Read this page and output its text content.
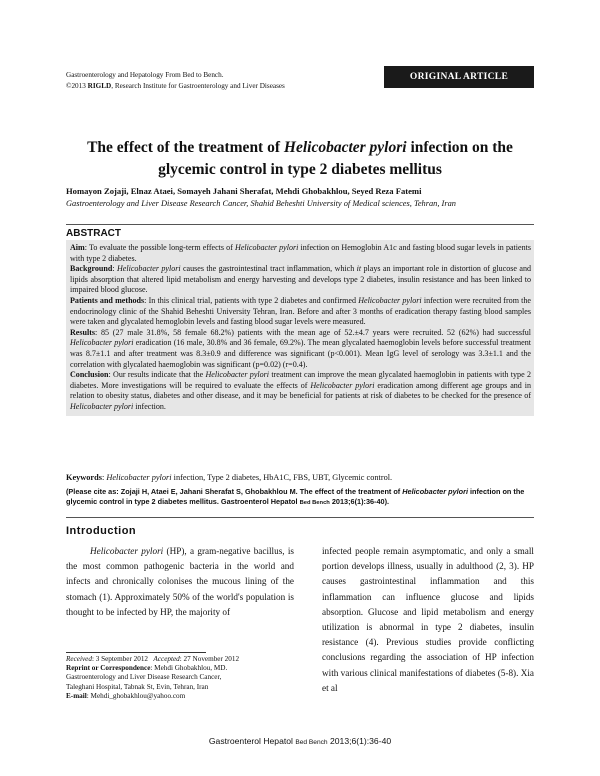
Gastroenterology and Hepatology From Bed to Bench.
©2013 RIGLD, Research Institute for Gastroenterology and Liver Diseases
ORIGINAL ARTICLE
The effect of the treatment of Helicobacter pylori infection on the glycemic control in type 2 diabetes mellitus
Homayon Zojaji, Elnaz Ataei, Somayeh Jahani Sherafat, Mehdi Ghobakhlou, Seyed Reza Fatemi
Gastroenterology and Liver Disease Research Cancer, Shahid Beheshti University of Medical sciences, Tehran, Iran
ABSTRACT

Aim: To evaluate the possible long-term effects of Helicobacter pylori infection on Hemoglobin A1c and fasting blood sugar levels in patients with type 2 diabetes.

Background: Helicobacter pylori causes the gastrointestinal tract inflammation, which it plays an important role in distortion of glucose and lipids absorption that altered lipid metabolism and energy harvesting and develops type 2 diabetes, insulin resistance and has been linked to impaired blood glucose.

Patients and methods: In this clinical trial, patients with type 2 diabetes and confirmed Helicobacter pylori infection were recruited from the endocrinology clinic of the Shahid Beheshti University Tehran, Iran. Before and after 3 months of eradication therapy fasting blood samples were taken and glycalated hemoglobin levels and fasting blood sugar levels were measured.

Results: 85 (27 male 31.8%, 58 female 68.2%) patients with the mean age of 52.±4.7 years were recruited. 52 (62%) had successful Helicobacter pylori eradication (16 male, 30.8% and 36 female, 69.2%). The mean glycalated haemoglobin levels before successful treatment was 8.7±1.1 and after treatment was 8.3±0.9 and difference was significant (p<0.001). Mean IgG level of serology was 3.3±1.1 and the correlation with glycalated haemoglobin was significant (p=0.02) (r=0.4).

Conclusion: Our results indicate that the Helicobacter pylori treatment can improve the mean glycalated haemoglobin in patients with type 2 diabetes. More investigations will be required to evaluate the effects of Helicobacter pylori eradication among different age groups and in relation to obesity status, diabetes and other disease, and it may be beneficial for patients at risk of diabetes to be checked for the presence of Helicobacter pylori infection.

Keywords: Helicobacter pylori infection, Type 2 diabetes, HbA1C, FBS, UBT, Glycemic control.
(Please cite as: Zojaji H, Ataei E, Jahani Sherafat S, Ghobakhlou M. The effect of the treatment of Helicobacter pylori infection on the glycemic control in type 2 diabetes mellitus. Gastroenterol Hepatol Bed Bench 2013;6(1):36-40).
Introduction
Helicobacter pylori (HP), a gram-negative bacillus, is the most common pathogenic bacteria in the world and infects and chronically colonises the mucous lining of the stomach (1). Approximately 50% of the world's population is thought to be infected by HP, the majority of
infected people remain asymptomatic, and only a small portion develops illness, usually in adulthood (2, 3). HP causes gastrointestinal inflammation and this inflammation can influence glucose and lipids absorption. Glucose and lipid metabolism and energy utilization is abnormal in type 2 diabetes, insulin resistance (4). Previous studies provide conflicting conclusions regarding the association of HP infection with various clinical manifestations of diabetes (5-8). Xia et al
Received: 3 September 2012 Accepted: 27 November 2012
Reprint or Correspondence: Mehdi Ghobakhlou, MD.
Gastroenterology and Liver Disease Research Cancer,
Taleghani Hospital, Tabnak St, Evin, Tehran, Iran
E-mail: Mehdi_ghobakhlou@yahoo.com
Gastroenterol Hepatol Bed Bench 2013;6(1):36-40
